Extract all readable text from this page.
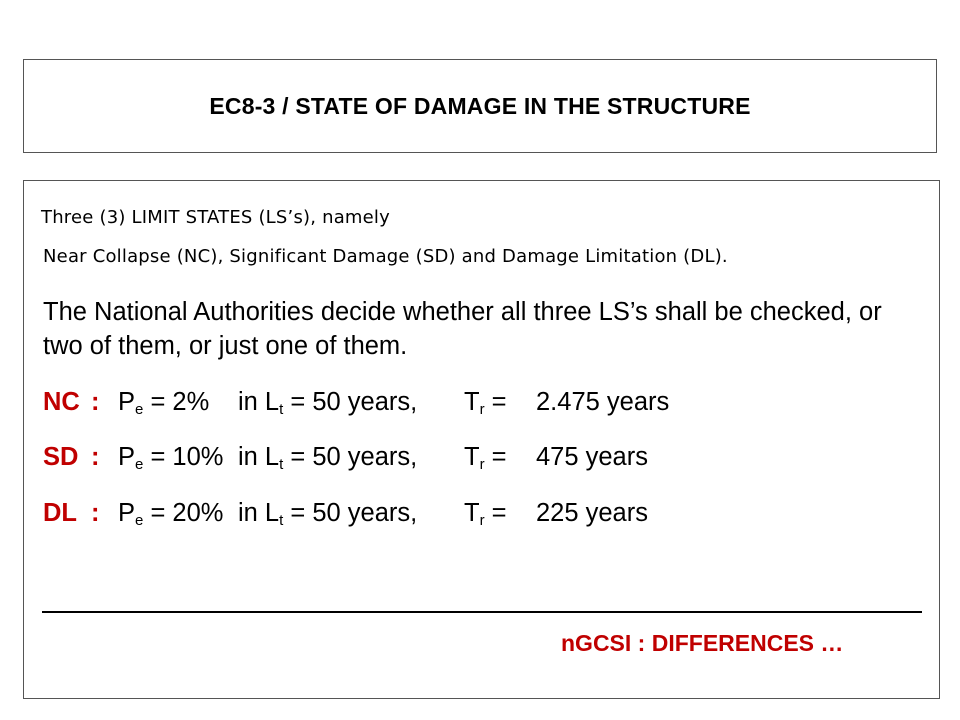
EC8-3 / STATE OF DAMAGE IN THE STRUCTURE
Three (3) LIMIT STATES (LS’s), namely
Near Collapse (NC), Significant Damage (SD) and Damage Limitation (DL).
The National Authorities decide whether all three LS’s shall be checked, or two of them, or just one of them.
NC : $P_e = 2\%$ in $L_t = 50$ years, $T_r = 2.475$ years
SD : $P_e = 10\%$ in $L_t = 50$ years, $T_r = 475$ years
DL : $P_e = 20\%$ in $L_t = 50$ years, $T_r = 225$ years
nGCSI : DIFFERENCES …
